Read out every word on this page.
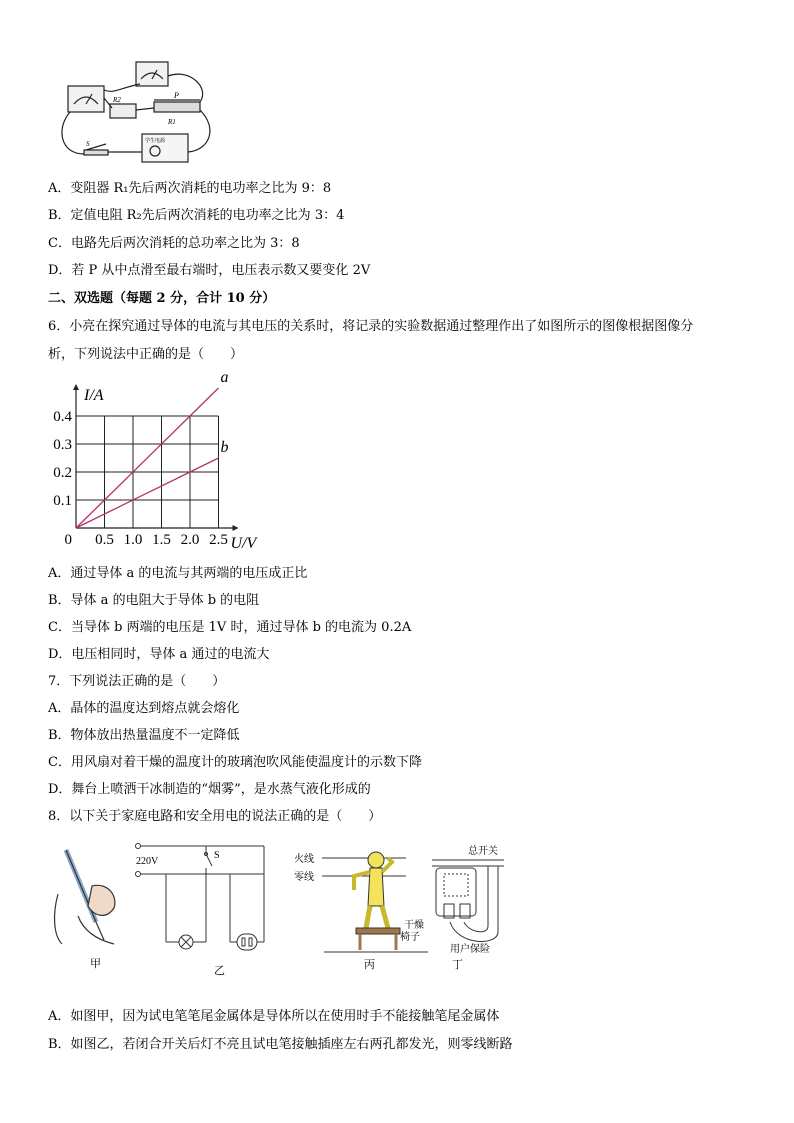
R2	P
R1
S	学生电源
A．变阻器 R₁先后两次消耗的电功率之比为 9：8
B．定值电阻 R₂先后两次消耗的电功率之比为 3：4
C．电路先后两次消耗的总功率之比为 3：8
D．若 P 从中点滑至最右端时，电压表示数又要变化 2V
二、双选题（每题 2 分，合计 10 分）
6．小亮在探究通过导体的电流与其电压的关系时，将记录的实验数据通过整理作出了如图所示的图像根据图像分
析，下列说法中正确的是（　　）
a
b
0.5 1.0 1.5 2.0 2.5
0.1
0.2
0.3
0.4
0	U/V
I/A
A．通过导体 a 的电流与其两端的电压成正比
B．导体 a 的电阻大于导体 b 的电阻
C．当导体 b 两端的电压是 1V 时，通过导体 b 的电流为 0.2A
D．电压相同时，导体 a 通过的电流大
7．下列说法正确的是（　　）
A．晶体的温度达到熔点就会熔化
B．物体放出热量温度不一定降低
C．用风扇对着干燥的温度计的玻璃泡吹风能使温度计的示数下降
D．舞台上喷洒干冰制造的“烟雾”，是水蒸气液化形成的
8．以下关于家庭电路和安全用电的说法正确的是（　　）
220V
S	火线
零线
干燥
椅子
总开关
用户保险
甲
乙	丙	丁
A．如图甲，因为试电笔笔尾金属体是导体所以在使用时手不能接触笔尾金属体
B．如图乙，若闭合开关后灯不亮且试电笔接触插座左右两孔都发光，则零线断路
